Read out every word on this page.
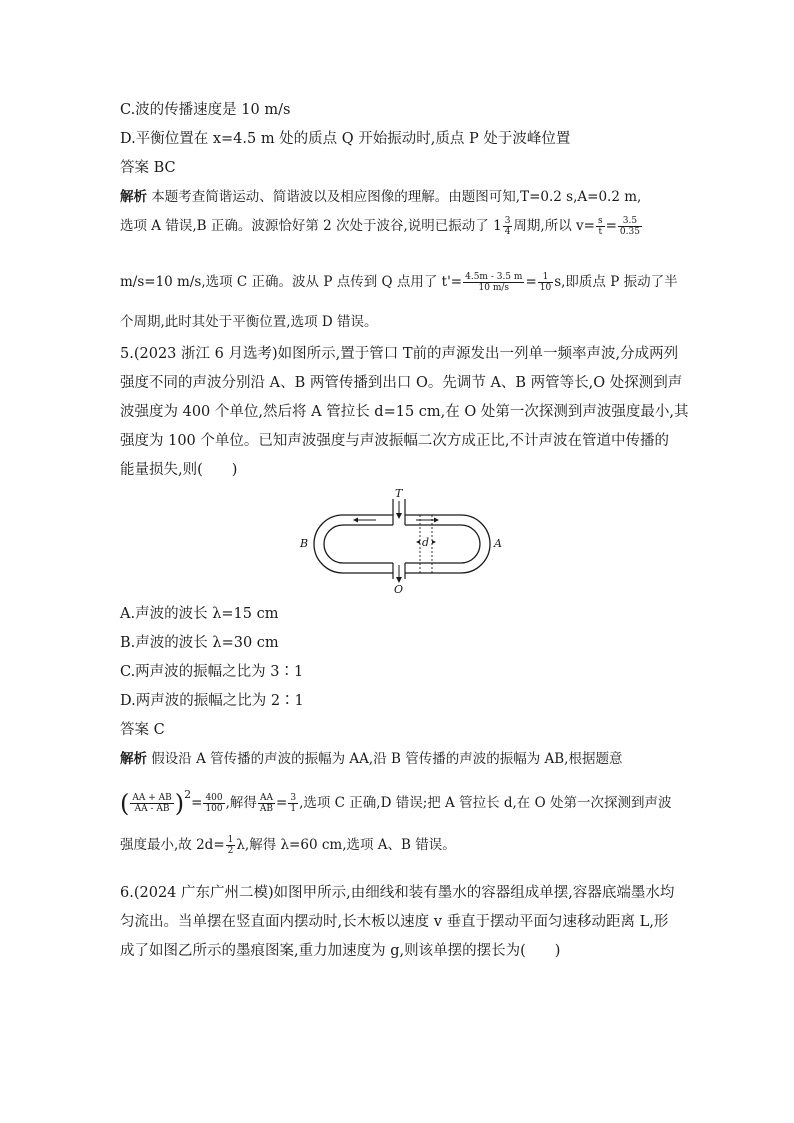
C.波的传播速度是 10 m/s
D.平衡位置在 x=4.5 m 处的质点 Q 开始振动时,质点 P 处于波峰位置
答案 BC
解析 本题考查简谐运动、简谐波以及相应图像的理解。由题图可知,T=0.2 s,A=0.2 m,
选项 A 错误,B 正确。波源恰好第 2 次处于波谷,说明已振动了 $1 \frac{3}{4}$ 周期,所以 $v= \frac{s}{t} = \frac{3.5}{0.35}$
m/s=10 m/s,选项 C 正确。波从 P 点传到 Q 点用了 $t'= \frac{4.5m - 3.5 m}{10 m/s} = \frac{1}{10} s$,即质点 P 振动了半
个周期,此时其处于平衡位置,选项 D 错误。
5.(2023 浙江 6 月选考)如图所示,置于管口 T前的声源发出一列单一频率声波,分成两列
强度不同的声波分别沿 A、B 两管传播到出口 O。先调节 A、B 两管等长,O 处探测到声
波强度为 400 个单位,然后将 A 管拉长 d=15 cm,在 O 处第一次探测到声波强度最小,其
强度为 100 个单位。已知声波强度与声波振幅二次方成正比,不计声波在管道中传播的
能量损失,则(　　)
T
O
A
B	d
A.声波的波长 λ=15 cm
B.声波的波长 λ=30 cm
C.两声波的振幅之比为 3∶1
D.两声波的振幅之比为 2∶1
答案 C
解析 假设沿 A 管传播的声波的振幅为 AA,沿 B 管传播的声波的振幅为 AB,根据题意
( $\frac{AA + AB}{AA - AB} )^2= \frac{400}{100}$ ,解得 $\frac{AA}{AB} = \frac{3}{1}$ ,选项 C 正确,D 错误;把 A 管拉长 d,在 O 处第一次探测到声波
强度最小,故 $2d= \frac{1}{2} \lambda$,解得 λ=60 cm,选项 A、B 错误。
6.(2024 广东广州二模)如图甲所示,由细线和装有墨水的容器组成单摆,容器底端墨水均
匀流出。当单摆在竖直面内摆动时,长木板以速度 v 垂直于摆动平面匀速移动距离 L,形
成了如图乙所示的墨痕图案,重力加速度为 g,则该单摆的摆长为(　　)
